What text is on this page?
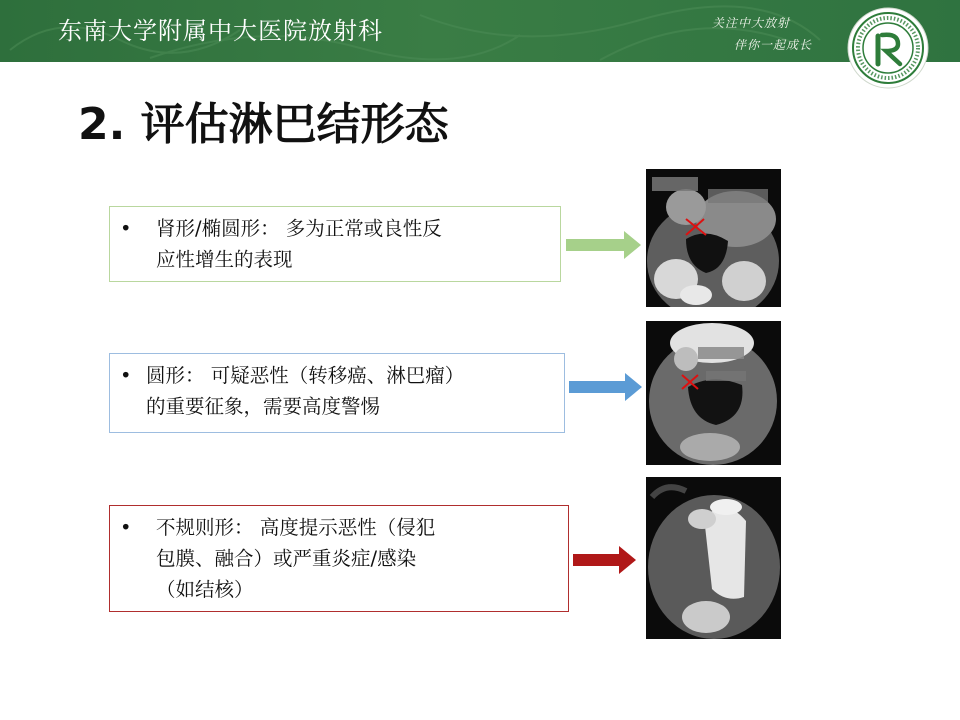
东南大学附属中大医院放射科	关注中大放射
伴你一起成长
R
2. 评估淋巴结形态
•	肾形/椭圆形： 多为正常或良性反
应性增生的表现
• 圆形： 可疑恶性（转移癌、淋巴瘤）
的重要征象，需要高度警惕
•	不规则形： 高度提示恶性（侵犯
包膜、融合）或严重炎症/感染
（如结核）
